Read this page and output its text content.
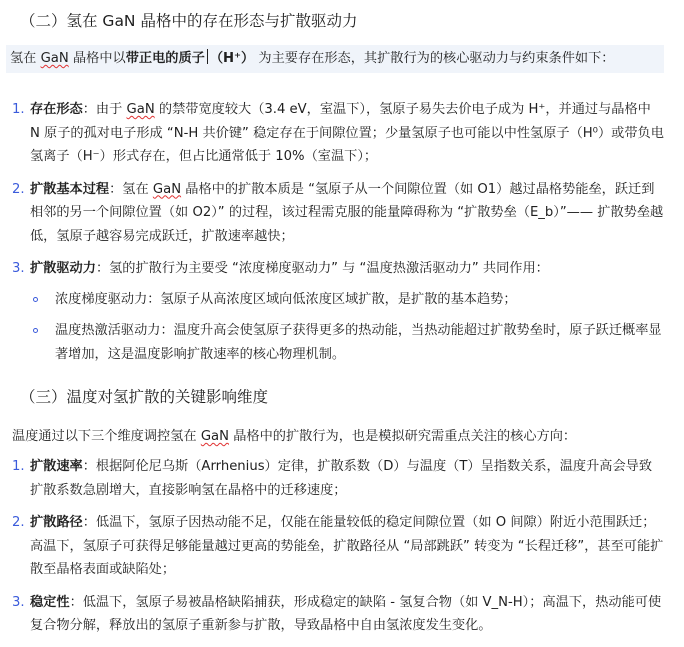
（二）氢在 GaN 晶格中的存在形态与扩散驱动力

氢在 GaN 晶格中以带正电的质子 （H⁺） 为主要存在形态，其扩散行为的核心驱动力与约束条件如下：

1. 存在形态：由于 GaN 的禁带宽度较大（3.4 eV，室温下），氢原子易失去价电子成为 H⁺，并通过与晶格中 N 原子的孤对电子形成 “N-H 共价键” 稳定存在于间隙位置；少量氢原子也可能以中性氢原子（H⁰）或带负电氢离子（H⁻）形式存在，但占比通常低于 10%（室温下）；
2. 扩散基本过程：氢在 GaN 晶格中的扩散本质是 “氢原子从一个间隙位置（如 O1）越过晶格势能垒，跃迁到相邻的另一个间隙位置（如 O2）” 的过程，该过程需克服的能量障碍称为 “扩散势垒（E_b）”—— 扩散势垒越低，氢原子越容易完成跃迁，扩散速率越快；
3. 扩散驱动力：氢的扩散行为主要受 “浓度梯度驱动力” 与 “温度热激活驱动力” 共同作用：
浓度梯度驱动力：氢原子从高浓度区域向低浓度区域扩散，是扩散的基本趋势；
温度热激活驱动力：温度升高会使氢原子获得更多的热动能，当热动能超过扩散势垒时，原子跃迁概率显著增加，这是温度影响扩散速率的核心物理机制。
（三）温度对氢扩散的关键影响维度

温度通过以下三个维度调控氢在 GaN 晶格中的扩散行为，也是模拟研究需重点关注的核心方向：

1. 扩散速率：根据阿伦尼乌斯（Arrhenius）定律，扩散系数（D）与温度（T）呈指数关系，温度升高会导致扩散系数急剧增大，直接影响氢在晶格中的迁移速度；
2. 扩散路径：低温下，氢原子因热动能不足，仅能在能量较低的稳定间隙位置（如 O 间隙）附近小范围跃迁；高温下，氢原子可获得足够能量越过更高的势能垒，扩散路径从 “局部跳跃” 转变为 “长程迁移”，甚至可能扩散至晶格表面或缺陷处；
3. 稳定性：低温下，氢原子易被晶格缺陷捕获，形成稳定的缺陷 - 氢复合物（如 V_N-H）；高温下，热动能可使复合物分解，释放出的氢原子重新参与扩散，导致晶格中自由氢浓度发生变化。
